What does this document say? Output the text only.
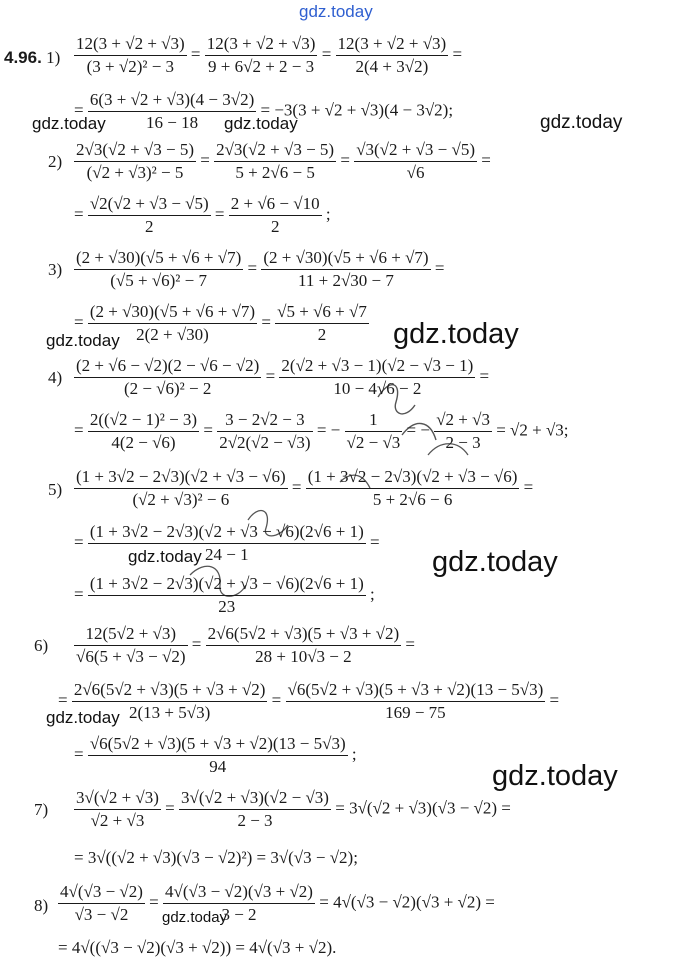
gdz.today
gdz.today	gdz.today	gdz.today
gdz.today	gdz.today
gdz.today	gdz.today
gdz.today
gdz.today
gdz.today
4.96. $1) \frac{12(3 + √2 + √3)}{\text{(3 + √2)² − 3}} = \frac{12(3 + √2 + √3)}{9 + 6√2 + 2 - 3} = \frac{12(3 + √2 + √3)}{2(4 + 3√2)}$ =
= $\frac{6(3 + √2 + √3)(4 - 3√2)}{16 - 18} = -3(3 + √2 + √3)(4 - 3√2)$;
$2) \frac{2√3(√2 + √3 - 5)}{\text{(√2 + √3)² − 5}} = \frac{2√3(√2 + √3 - 5)}{5 + 2√6 - 5} = \frac{√3(√2 + √3 - √5)}{√6}$ =
= $\frac{√2(√2 + √3 - √5)}{2} = \frac{2 + √6 - √10}{2}$ ;
$3) \frac{(2 + √30)(√5 + √6 + √7)}{\text{(√5 + √6)² − 7}} = \frac{(2 + √30)(√5 + √6 + √7)}{11 + 2√30 - 7}$ =
= $\frac{(2 + √30)(√5 + √6 + √7)}{2(2 + √30)} = \frac{√5 + √6 + √7}{2}$
$4) \frac{(2 + √6 - √2)(2 - √6 - √2)}{\text{(2 − √6)² − 2}} = \frac{2(√2 + √3 - 1)(√2 - √3 - 1)}{10 - 4√6 - 2}$ =
= $\frac{\text{2((√2 − 1)² − 3)}}{4(2 - √6)} = \frac{3 - 2√2 - 3}{2√2(√2 - √3)}$ = − $\frac{1}{√2 - √3}$ = − $\frac{√2 + √3}{2 - 3} = √2 + √3$;
$5) \frac{(1 + 3√2 - 2√3)(√2 + √3 - √6)}{\text{(√2 + √3)² − 6}} = \frac{(1 + 3√2 - 2√3)(√2 + √3 - √6)}{5 + 2√6 - 6}$ =
= $\frac{(1 + 3√2 - 2√3)(√2 + √3 - √6)(2√6 + 1)}{24 - 1}$ =
= $\frac{(1 + 3√2 - 2√3)(√2 + √3 - √6)(2√6 + 1)}{23}$ ;
$6) \frac{12(5√2 + √3)}{√6(5 + √3 - √2)} = \frac{2√6(5√2 + √3)(5 + √3 + √2)}{28 + 10√3 - 2}$ =
= $\frac{2√6(5√2 + √3)(5 + √3 + √2)}{2(13 + 5√3)} = \frac{√6(5√2 + √3)(5 + √3 + √2)(13 - 5√3)}{169 - 75}$ =
= $\frac{√6(5√2 + √3)(5 + √3 + √2)(13 - 5√3)}{94}$ ;
$7) \frac{3√(√2 + √3)}{√2 + √3} = \frac{3√(√2 + √3)(√2 - √3)}{2 - 3} = 3√(√2 + √3)(√3 - √2)$ =
= 3√((√2 + √3)(√3 − √2)²) = 3√(√3 − √2);
$8) \frac{4√(√3 - √2)}{√3 - √2} = \frac{4√(√3 - √2)(√3 + √2)}{3 - 2} = 4√(√3 - √2)(√3 + √2)$ =
= 4√((√3 − √2)(√3 + √2)) = 4√(√3 + √2).
